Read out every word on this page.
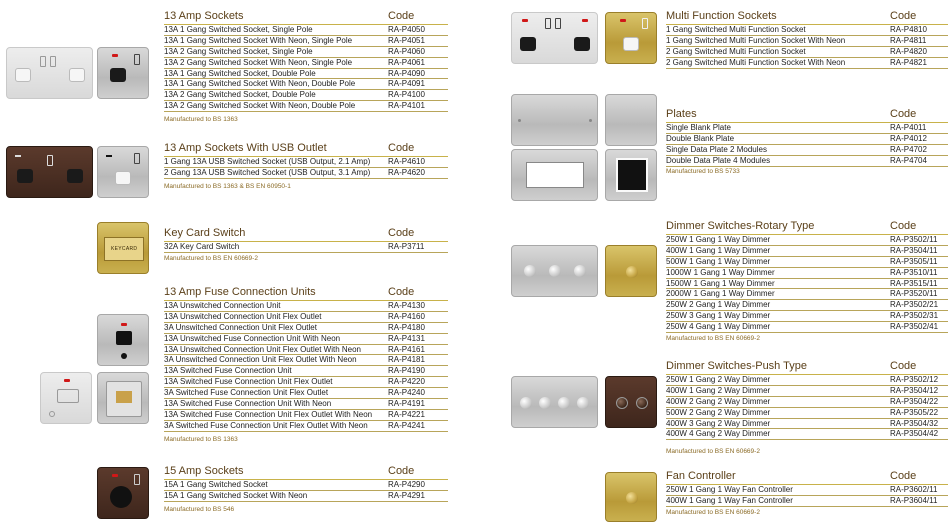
KEYCARD
13 Amp Sockets	Code
13A 1 Gang Switched Socket, Single Pole	RA-P4050
13A 1 Gang Switched Socket With Neon, Single Pole	RA-P4051
13A 2 Gang Switched Socket, Single Pole	RA-P4060
13A 2 Gang Switched Socket With Neon, Single Pole	RA-P4061
13A 1 Gang Switched Socket, Double Pole	RA-P4090
13A 1 Gang Switched Socket With Neon, Double Pole	RA-P4091
13A 2 Gang Switched Socket, Double Pole	RA-P4100
13A 2 Gang Switched Socket With Neon, Double Pole	RA-P4101
Manufactured to BS 1363
13 Amp Sockets With USB Outlet	Code
1 Gang 13A USB Switched Socket (USB Output, 2.1 Amp) RA-P4610
2 Gang 13A USB Switched Socket (USB Output, 3.1 Amp) RA-P4620
Manufactured to BS 1363 & BS EN 60950-1
Key Card Switch	Code
32A Key Card Switch	RA-P3711
Manufactured to BS EN 60669-2
13 Amp Fuse Connection Units	Code
13A Unswitched Connection Unit	RA-P4130
13A Unswitched Connection Unit Flex Outlet	RA-P4160
3A Unswitched Connection Unit Flex Outlet	RA-P4180
13A Unswitched Fuse Connection Unit With Neon	RA-P4131
13A Unswitched Connection Unit Flex Outlet With Neon	RA-P4161
3A Unswitched Connection Unit Flex Outlet With Neon	RA-P4181
13A Switched Fuse Connection Unit	RA-P4190
13A Switched Fuse Connection Unit Flex Outlet	RA-P4220
3A Switched Fuse Connection Unit Flex Outlet	RA-P4240
13A Switched Fuse Connection Unit With Neon	RA-P4191
13A Switched Fuse Connection Unit Flex Outlet With Neon RA-P4221
3A Switched Fuse Connection Unit Flex Outlet With Neon	RA-P4241
Manufactured to BS 1363
15 Amp Sockets	Code
15A 1 Gang Switched Socket	RA-P4290
15A 1 Gang Switched Socket With Neon	RA-P4291
Manufactured to BS 546
Multi Function Sockets	Code
1 Gang Switched Multi Function Socket	RA-P4810
1 Gang Switched Multi Function Socket With Neon	RA-P4811
2 Gang Switched Multi Function Socket	RA-P4820
2 Gang Switched Multi Function Socket With Neon	RA-P4821
Plates	Code
Single Blank Plate	RA-P4011
Double Blank Plate	RA-P4012
Single Data Plate 2 Modules	RA-P4702
Double Data Plate 4 Modules	RA-P4704
Manufactured to BS 5733
Dimmer Switches-Rotary Type	Code
250W 1 Gang 1 Way Dimmer	RA-P3502/11
400W 1 Gang 1 Way Dimmer	RA-P3504/11
500W 1 Gang 1 Way Dimmer	RA-P3505/11
1000W 1 Gang 1 Way Dimmer	RA-P3510/11
1500W 1 Gang 1 Way Dimmer	RA-P3515/11
2000W 1 Gang 1 Way Dimmer	RA-P3520/11
250W 2 Gang 1 Way Dimmer	RA-P3502/21
250W 3 Gang 1 Way Dimmer	RA-P3502/31
250W 4 Gang 1 Way Dimmer	RA-P3502/41
Manufactured to BS EN 60669-2
Dimmer Switches-Push Type	Code
250W 1 Gang 2 Way Dimmer	RA-P3502/12
400W 1 Gang 2 Way Dimmer	RA-P3504/12
400W 2 Gang 2 Way Dimmer	RA-P3504/22
500W 2 Gang 2 Way Dimmer	RA-P3505/22
400W 3 Gang 2 Way Dimmer	RA-P3504/32
400W 4 Gang 2 Way Dimmer	RA-P3504/42
Manufactured to BS EN 60669-2
Fan Controller	Code
250W 1 Gang 1 Way Fan Controller	RA-P3602/11
400W 1 Gang 1 Way Fan Controller	RA-P3604/11
Manufactured to BS EN 60669-2
